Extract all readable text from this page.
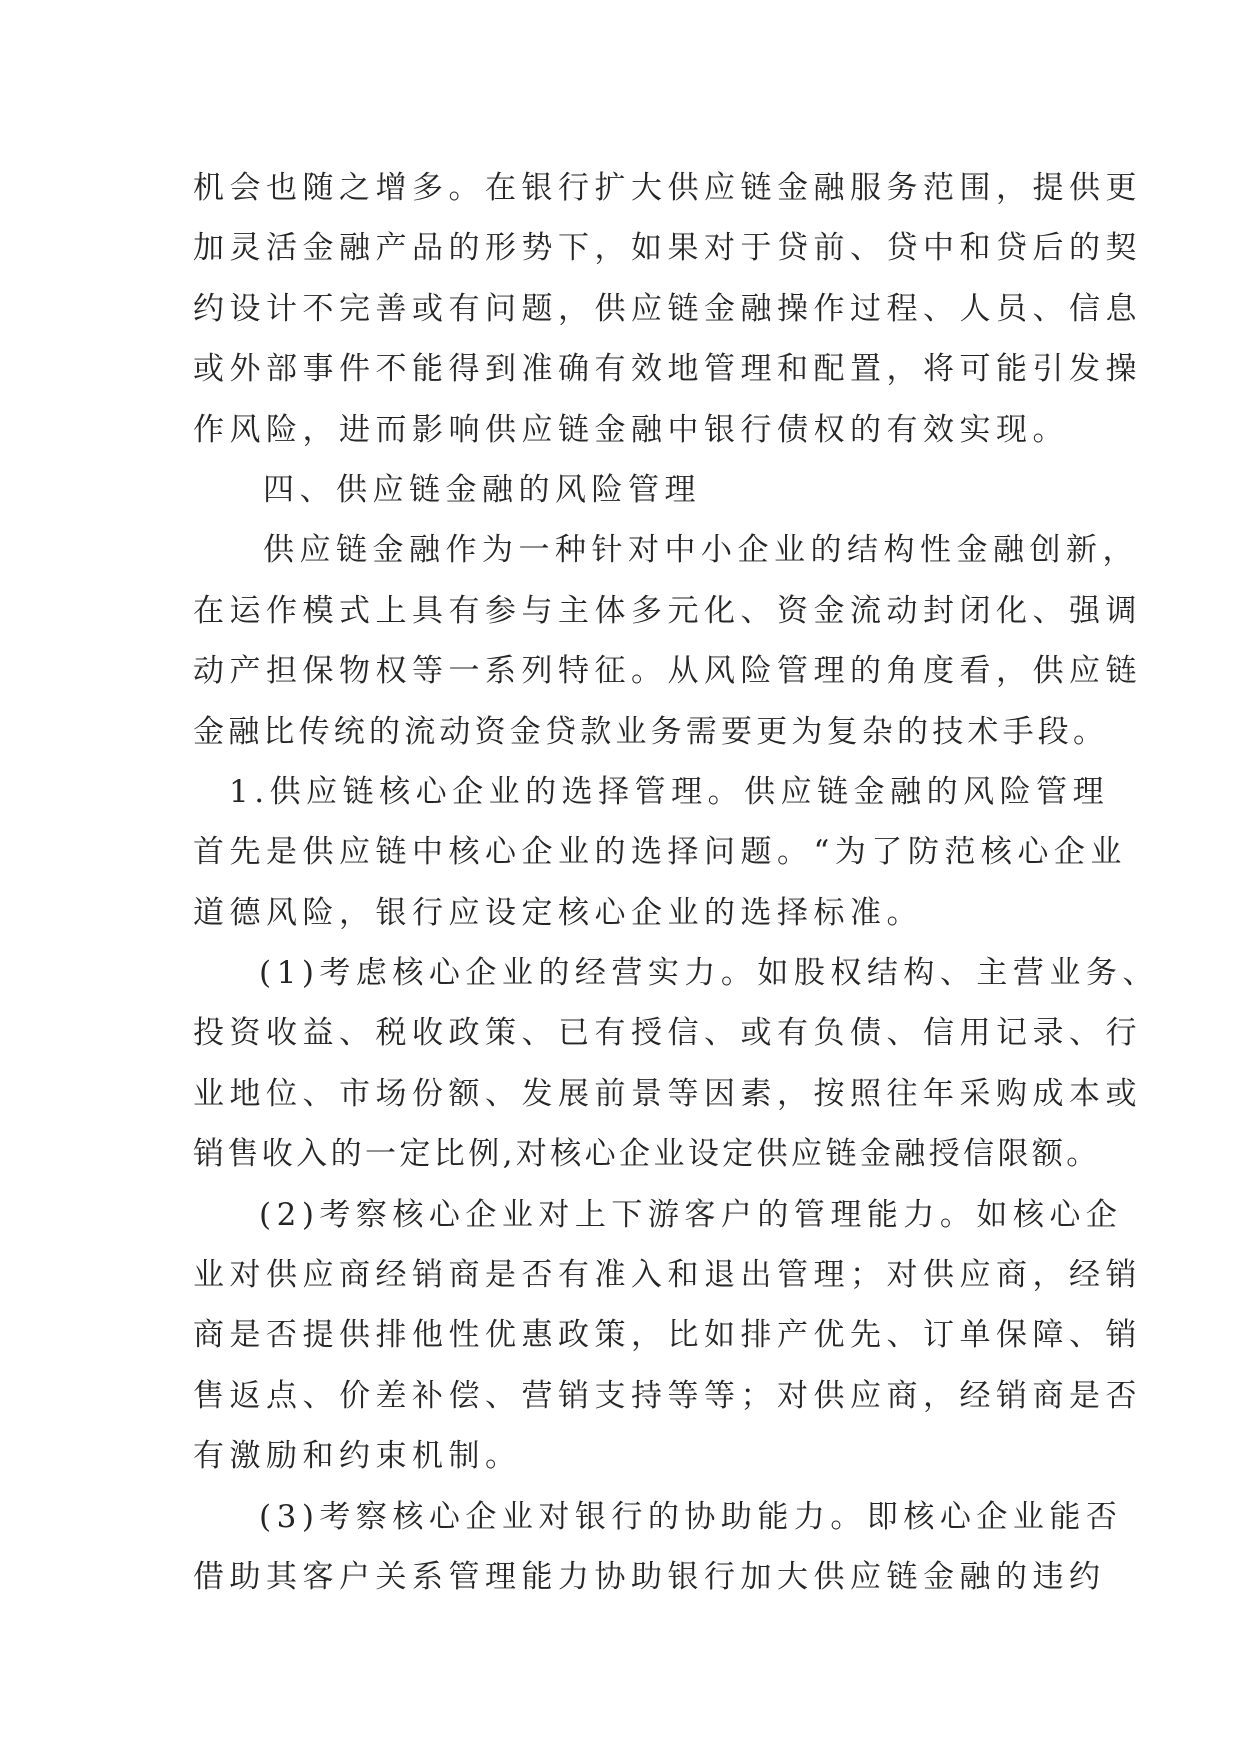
机会也随之增多。在银行扩大供应链金融服务范围，提供更
加灵活金融产品的形势下，如果对于贷前、贷中和贷后的契
约设计不完善或有问题，供应链金融操作过程、人员、信息
或外部事件不能得到准确有效地管理和配置，将可能引发操
作风险，进而影响供应链金融中银行债权的有效实现。
四、供应链金融的风险管理
供应链金融作为一种针对中小企业的结构性金融创新，
在运作模式上具有参与主体多元化、资金流动封闭化、强调
动产担保物权等一系列特征。从风险管理的角度看，供应链
金融比传统的流动资金贷款业务需要更为复杂的技术手段。
1.供应链核心企业的选择管理。供应链金融的风险管理
首先是供应链中核心企业的选择问题。“为了防范核心企业
道德风险，银行应设定核心企业的选择标准。
(1)考虑核心企业的经营实力。如股权结构、主营业务、
投资收益、税收政策、已有授信、或有负债、信用记录、行
业地位、市场份额、发展前景等因素，按照往年采购成本或
销售收入的一定比例,对核心企业设定供应链金融授信限额。
(2)考察核心企业对上下游客户的管理能力。如核心企
业对供应商经销商是否有准入和退出管理；对供应商，经销
商是否提供排他性优惠政策，比如排产优先、订单保障、销
售返点、价差补偿、营销支持等等；对供应商，经销商是否
有激励和约束机制。
(3)考察核心企业对银行的协助能力。即核心企业能否
借助其客户关系管理能力协助银行加大供应链金融的违约
